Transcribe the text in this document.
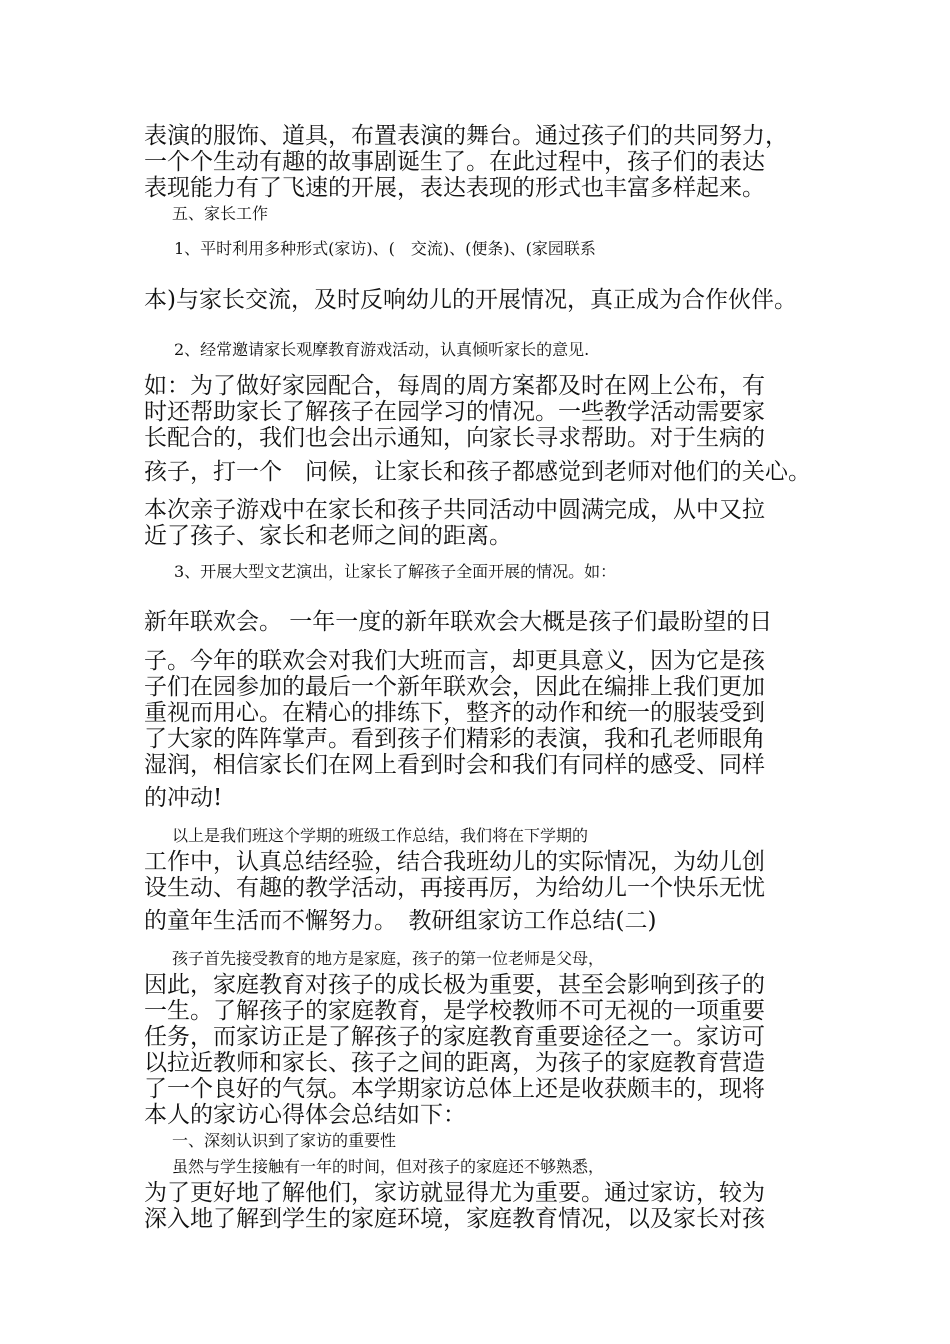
表演的服饰、道具，布置表演的舞台。通过孩子们的共同努力，
一个个生动有趣的故事剧诞生了。在此过程中，孩子们的表达
表现能力有了飞速的开展，表达表现的形式也丰富多样起来。
五、家长工作
1、平时利用多种形式(家访)、(　交流)、(便条)、(家园联系
本)与家长交流，及时反响幼儿的开展情况，真正成为合作伙伴。
2、经常邀请家长观摩教育游戏活动，认真倾听家长的意见.
如：为了做好家园配合，每周的周方案都及时在网上公布，有
时还帮助家长了解孩子在园学习的情况。一些教学活动需要家
长配合的，我们也会出示通知，向家长寻求帮助。对于生病的
孩子，打一个　问候，让家长和孩子都感觉到老师对他们的关心。
本次亲子游戏中在家长和孩子共同活动中圆满完成，从中又拉
近了孩子、家长和老师之间的距离。
3、开展大型文艺演出，让家长了解孩子全面开展的情况。如：
新年联欢会。 一年一度的新年联欢会大概是孩子们最盼望的日
子。今年的联欢会对我们大班而言，却更具意义，因为它是孩
子们在园参加的最后一个新年联欢会，因此在编排上我们更加
重视而用心。在精心的排练下，整齐的动作和统一的服装受到
了大家的阵阵掌声。看到孩子们精彩的表演，我和孔老师眼角
湿润，相信家长们在网上看到时会和我们有同样的感受、同样
的冲动!
以上是我们班这个学期的班级工作总结，我们将在下学期的
工作中，认真总结经验，结合我班幼儿的实际情况，为幼儿创
设生动、有趣的教学活动，再接再厉，为给幼儿一个快乐无忧
的童年生活而不懈努力。　教研组家访工作总结(二)
孩子首先接受教育的地方是家庭，孩子的第一位老师是父母，
因此，家庭教育对孩子的成长极为重要，甚至会影响到孩子的
一生。了解孩子的家庭教育，是学校教师不可无视的一项重要
任务，而家访正是了解孩子的家庭教育重要途径之一。家访可
以拉近教师和家长、孩子之间的距离，为孩子的家庭教育营造
了一个良好的气氛。本学期家访总体上还是收获颇丰的，现将
本人的家访心得体会总结如下：
一、深刻认识到了家访的重要性
虽然与学生接触有一年的时间，但对孩子的家庭还不够熟悉，
为了更好地了解他们，家访就显得尤为重要。通过家访，较为
深入地了解到学生的家庭环境，家庭教育情况，以及家长对孩
